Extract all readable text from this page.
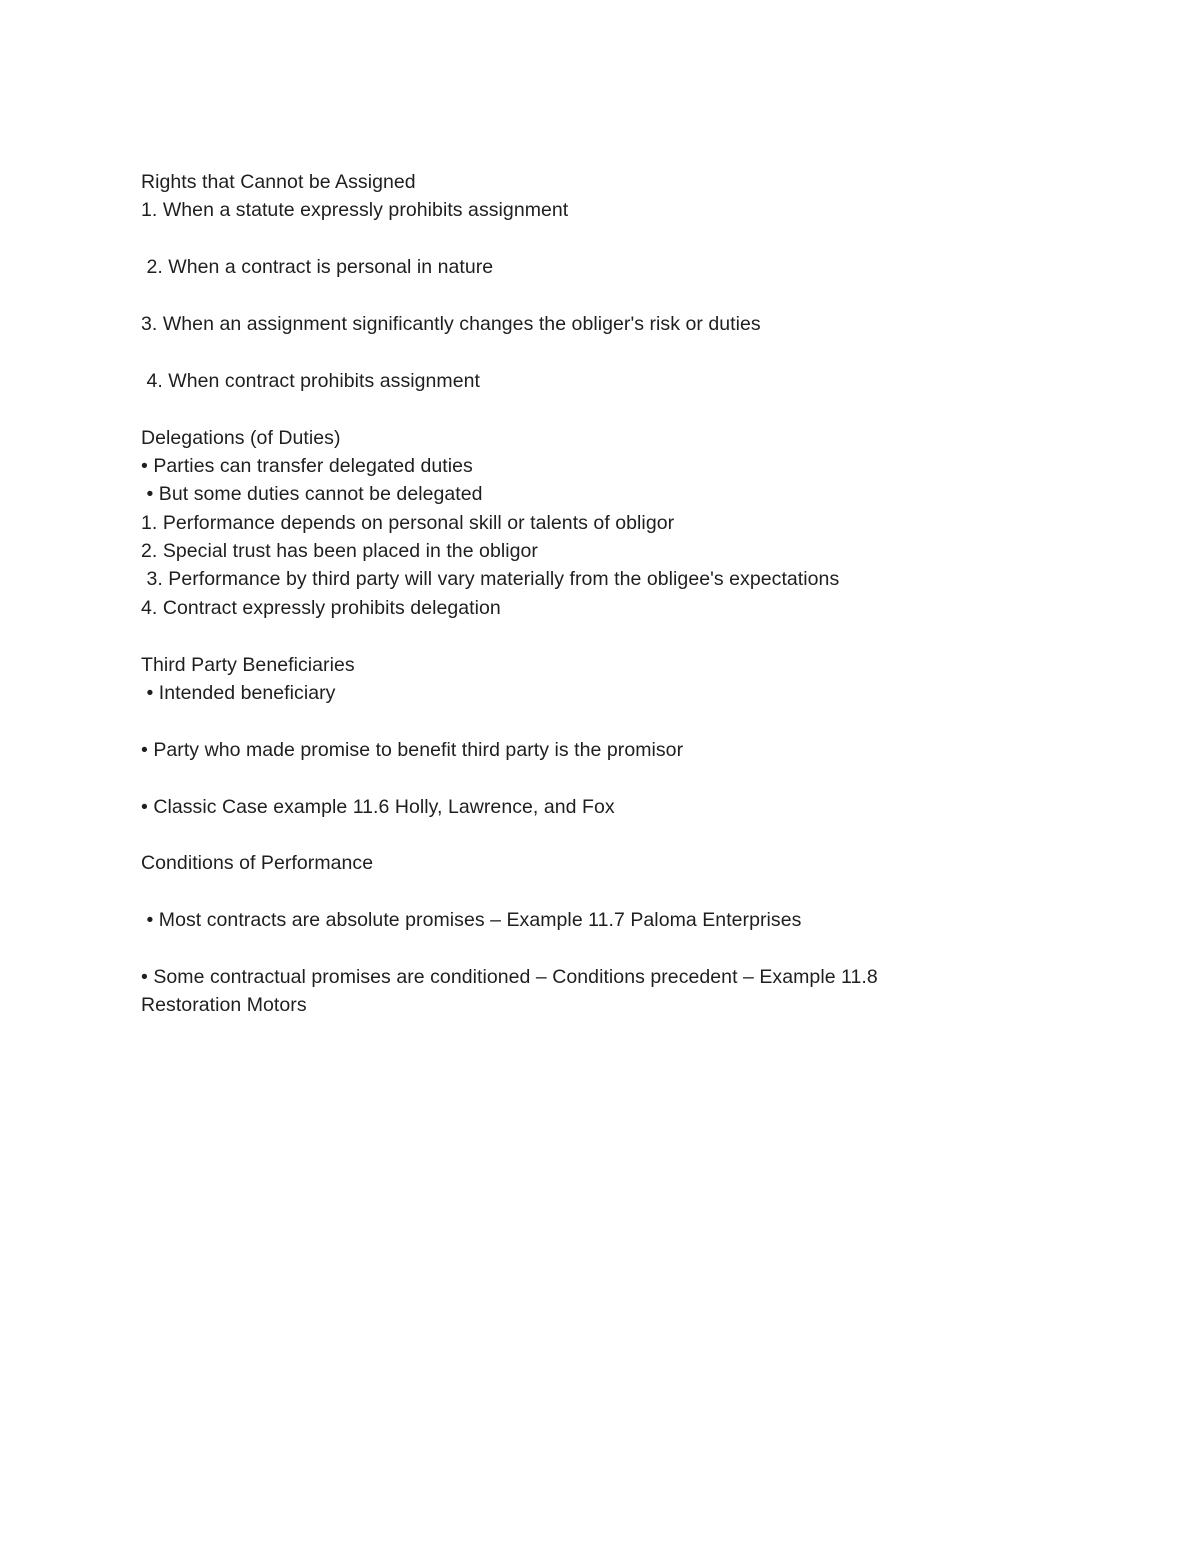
Rights that Cannot be Assigned
1. When a statute expressly prohibits assignment
2. When a contract is personal in nature
3. When an assignment significantly changes the obliger's risk or duties
4. When contract prohibits assignment
Delegations (of Duties)
• Parties can transfer delegated duties
• But some duties cannot be delegated
1. Performance depends on personal skill or talents of obligor
2. Special trust has been placed in the obligor
3. Performance by third party will vary materially from the obligee's expectations
4. Contract expressly prohibits delegation
Third Party Beneficiaries
• Intended beneficiary
• Party who made promise to benefit third party is the promisor
• Classic Case example 11.6 Holly, Lawrence, and Fox
Conditions of Performance
• Most contracts are absolute promises – Example 11.7 Paloma Enterprises
• Some contractual promises are conditioned – Conditions precedent – Example 11.8
Restoration Motors
